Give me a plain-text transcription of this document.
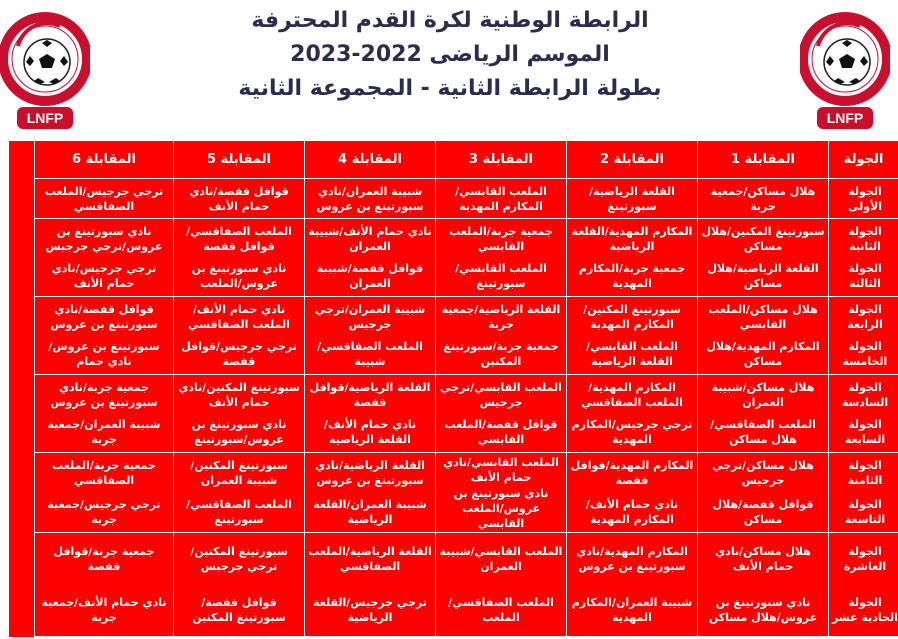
LNFP	LNFP
الرابطة الوطنية لكرة القدم المحترفة
الموسم الرياضى 2022-2023
بطولة الرابطة الثانية - المجموعة الثانية
الجولة
المقابلة 1
المقابلة 2
المقابلة 3
المقابلة 4
المقابلة 5
المقابلة 6
الجولة الأولى
هلال مساكن/جمعية جربة
القلعة الرياضية/سبورتينغ
الملعب القابسي/المكارم المهدية
شبيبة العمران/نادي سبورتينغ بن عروس
قوافل قفصة/نادي حمام الأنف
ترجي جرجيس/الملعب الصفاقسي
الجولة الثانية
الجولة الثالثة
سبورتينغ المكنين/هلال مساكن
القلعة الرياضية/هلال مساكن
المكارم المهدية/القلعة الرياضية
جمعية جربة/المكارم المهدية
جمعية جربة/الملعب القابسي
الملعب القابسي/سبورتينغ
نادي حمام الأنف/شبيبة العمران
قوافل قفصة/شبيبة العمران
الملعب الصفاقسي/قوافل قفصة
نادي سبورتينغ بن عروس/الملعب
نادي سبورتينغ بن عروس/ترجي جرجيس
ترجي جرجيس/نادي حمام الأنف
الجولة الرابعة
الجولة الخامسة
هلال مساكن/الملعب القابسي
المكارم المهدية/هلال مساكن
سبورتينغ المكنين/المكارم المهدية
الملعب القابسي/القلعة الرياضية
القلعة الرياضية/جمعية جربة
جمعية جربة/سبورتينغ المكنين
شبيبة العمران/ترجي جرجيس
الملعب الصفاقسي/شبيبة
نادي حمام الأنف/الملعب الصفاقسي
ترجي جرجيس/قوافل قفصة
قوافل قفصة/نادي سبورتينغ بن عروس
سبورتينغ بن عروس/نادي حمام
الجولة السادسة
الجولة السابعة
هلال مساكن/شبيبة العمران
الملعب الصفاقسي/هلال مساكن
المكارم المهدية/الملعب الصفاقسي
ترجي جرجيس/المكارم المهدية
الملعب القابسي/ترجي جرجيس
قوافل قفصة/الملعب القابسي
القلعة الرياضية/قوافل قفصة
نادي حمام الأنف/القلعة الرياضية
سبورتينغ المكنين/نادي حمام الأنف
نادي سبورتينغ بن عروس/سبورتينغ
جمعية جربة/نادي سبورتينغ بن عروس
شبيبة العمران/جمعية جربة
الجولة الثامنة
الجولة التاسعة
هلال مساكن/ترجي جرجيس
قوافل قفصة/هلال مساكن
المكارم المهدية/قوافل قفصة
نادي حمام الأنف/المكارم المهدية
الملعب القابسي/نادي حمام الأنف
نادي سبورتينغ بن عروس/الملعب القابسي
القلعة الرياضية/نادي سبورتينغ بن عروس
شبيبة العمران/القلعة الرياضية
سبورتينغ المكنين/شبيبة العمران
الملعب الصفاقسي/سبورتينغ
جمعية جربة/الملعب الصفاقسي
ترجي جرجيس/جمعية جربة
الجولة العاشرة
الجولة الحادية عشر
هلال مساكن/نادي حمام الأنف
نادي سبورتينغ بن عروس/هلال مساكن
المكارم المهدية/نادي سبورتينغ بن عروس
شبيبة العمران/المكارم المهدية
الملعب القابسي/شبيبة العمران
الملعب الصفاقسي/الملعب
القلعة الرياضية/الملعب الصفاقسي
ترجي جرجيس/القلعة الرياضية
سبورتينغ المكنين/ترجي جرجيس
قوافل قفصة/سبورتينغ المكنين
جمعية جربة/قوافل قفصة
نادي حمام الأنف/جمعية جربة
